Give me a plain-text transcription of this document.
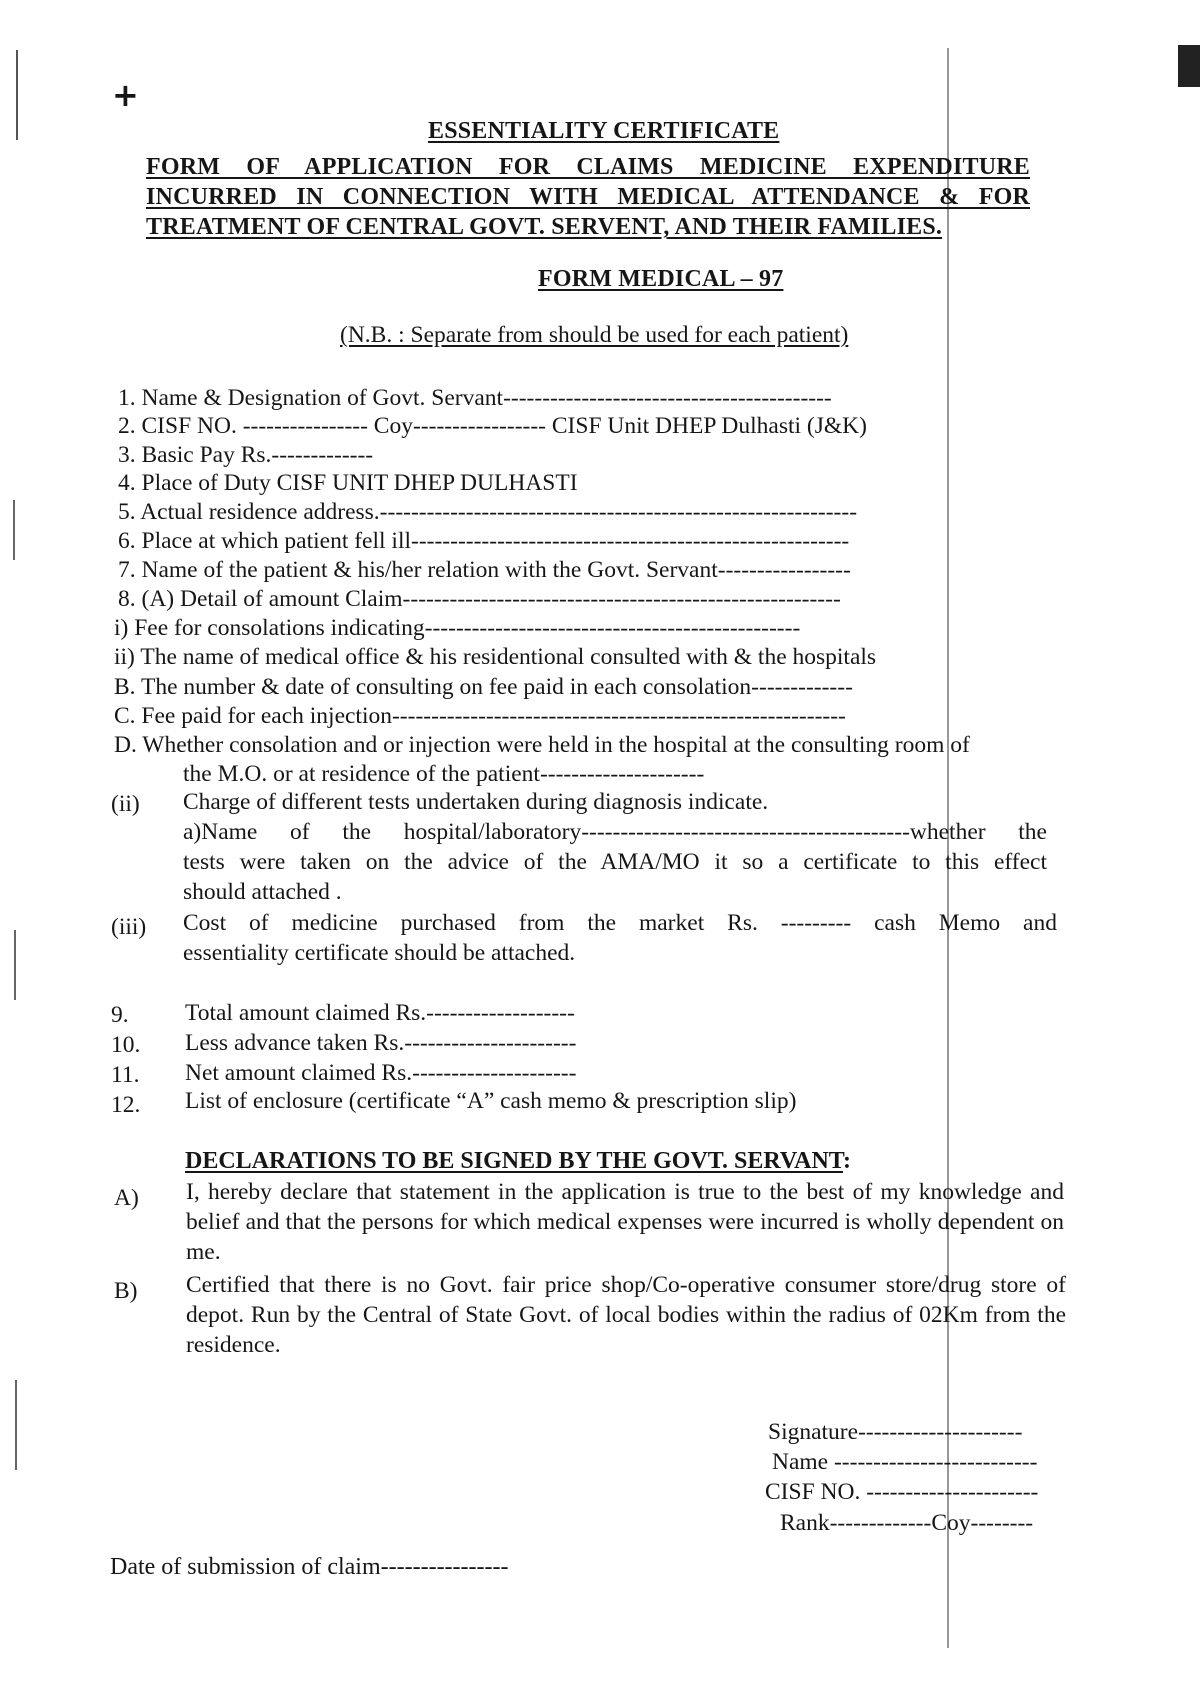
+
ESSENTIALITY CERTIFICATE
FORM OF APPLICATION FOR CLAIMS MEDICINE EXPENDITURE
INCURRED IN CONNECTION WITH MEDICAL ATTENDANCE & FOR
TREATMENT OF CENTRAL GOVT. SERVENT, AND THEIR FAMILIES.
FORM MEDICAL – 97
(N.B. : Separate from should be used for each patient)
1. Name & Designation of Govt. Servant------------------------------------------
2. CISF NO. ---------------- Coy----------------- CISF Unit DHEP Dulhasti (J&K)
3. Basic Pay Rs.-------------
4. Place of Duty CISF UNIT DHEP DULHASTI
5. Actual residence address.-------------------------------------------------------------
6. Place at which patient fell ill--------------------------------------------------------
7. Name of the patient & his/her relation with the Govt. Servant-----------------
8. (A) Detail of amount Claim--------------------------------------------------------
i) Fee for consolations indicating------------------------------------------------
ii) The name of medical office & his residentional consulted with & the hospitals
B. The number & date of consulting on fee paid in each consolation-------------
C. Fee paid for each injection----------------------------------------------------------
D. Whether consolation and or injection were held in the hospital at the consulting room of
the M.O. or at residence of the patient---------------------
(ii) Charge of different tests undertaken during diagnosis indicate.
a)Name of the hospital/laboratory------------------------------------------whether the
tests were taken on the advice of the AMA/MO it so a certificate to this effect
should attached .
(iii) Cost of medicine purchased from the market Rs. --------- cash Memo and
essentiality certificate should be attached.
9.	Total amount claimed Rs.-------------------
10.	Less advance taken Rs.----------------------
11.	Net amount claimed Rs.---------------------
12.	List of enclosure (certificate “A” cash memo & prescription slip)
DECLARATIONS TO BE SIGNED BY THE GOVT. SERVANT:
A) I, hereby declare that statement in the application is true to the best of my knowledge and belief and that the persons for which medical expenses were incurred is wholly dependent on me.
B) Certified that there is no Govt. fair price shop/Co-operative consumer store/drug store of depot. Run by the Central of State Govt. of local bodies within the radius of 02Km from the residence.
Signature---------------------
Name --------------------------
CISF NO. ----------------------
Rank-------------Coy--------
Date of submission of claim----------------
